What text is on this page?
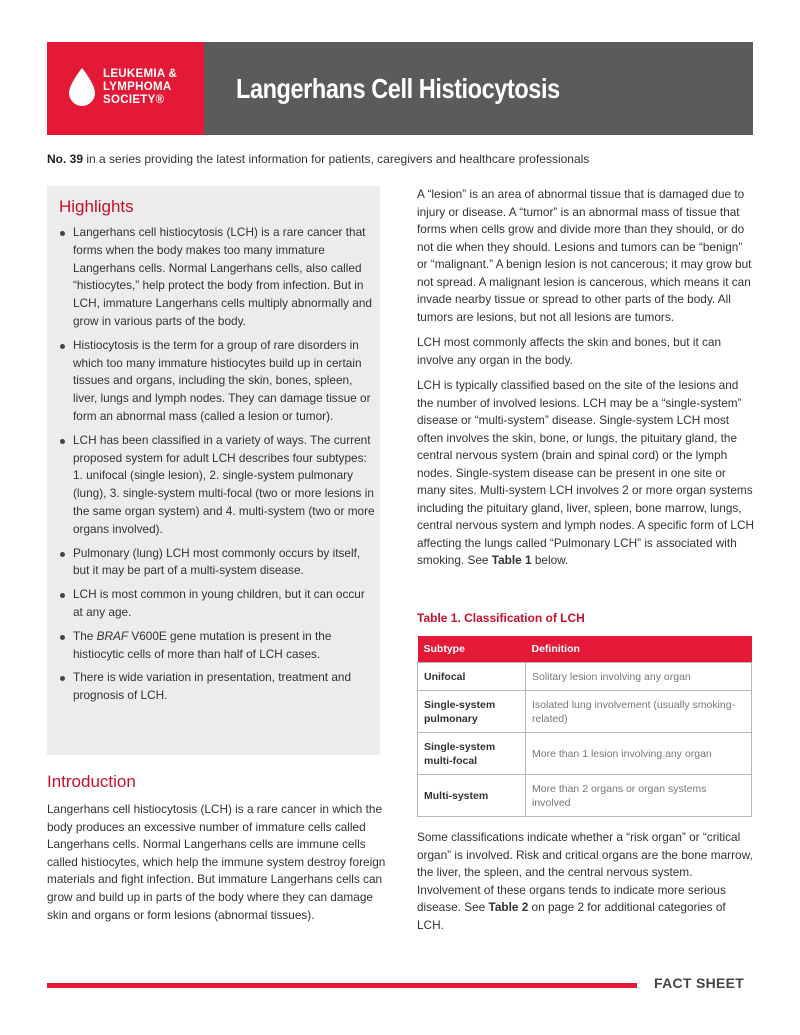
LEUKEMIA &
LYMPHOMA
SOCIETY®	Langerhans Cell Histiocytosis
No. 39 in a series providing the latest information for patients, caregivers and healthcare professionals
Highlights
Langerhans cell histiocytosis (LCH) is a rare cancer that forms when the body makes too many immature Langerhans cells. Normal Langerhans cells, also called “histiocytes,” help protect the body from infection. But in LCH, immature Langerhans cells multiply abnormally and grow in various parts of the body.
Histiocytosis is the term for a group of rare disorders in which too many immature histiocytes build up in certain tissues and organs, including the skin, bones, spleen, liver, lungs and lymph nodes. They can damage tissue or form an abnormal mass (called a lesion or tumor).
LCH has been classified in a variety of ways. The current proposed system for adult LCH describes four subtypes: 1. unifocal (single lesion), 2. single-system pulmonary (lung), 3. single-system multi-focal (two or more lesions in the same organ system) and 4. multi-system (two or more organs involved).
Pulmonary (lung) LCH most commonly occurs by itself, but it may be part of a multi-system disease.
LCH is most common in young children, but it can occur at any age.
The BRAF V600E gene mutation is present in the histiocytic cells of more than half of LCH cases.
There is wide variation in presentation, treatment and prognosis of LCH.
Introduction

Langerhans cell histiocytosis (LCH) is a rare cancer in which the body produces an excessive number of immature cells called Langerhans cells. Normal Langerhans cells are immune cells called histiocytes, which help the immune system destroy foreign materials and fight infection. But immature Langerhans cells can grow and build up in parts of the body where they can damage skin and organs or form lesions (abnormal tissues).

A “lesion” is an area of abnormal tissue that is damaged due to injury or disease. A “tumor” is an abnormal mass of tissue that forms when cells grow and divide more than they should, or do not die when they should. Lesions and tumors can be “benign” or “malignant.” A benign lesion is not cancerous; it may grow but not spread. A malignant lesion is cancerous, which means it can invade nearby tissue or spread to other parts of the body. All tumors are lesions, but not all lesions are tumors.

LCH most commonly affects the skin and bones, but it can involve any organ in the body.

LCH is typically classified based on the site of the lesions and the number of involved lesions. LCH may be a “single-system” disease or “multi-system” disease. Single-system LCH most often involves the skin, bone, or lungs, the pituitary gland, the central nervous system (brain and spinal cord) or the lymph nodes. Single-system disease can be present in one site or many sites. Multi-system LCH involves 2 or more organ systems including the pituitary gland, liver, spleen, bone marrow, lungs, central nervous system and lymph nodes. A specific form of LCH affecting the lungs called “Pulmonary LCH” is associated with smoking. See Table 1 below.

Table 1. Classification of LCH
Subtype	Definition
Unifocal	Solitary lesion involving any organ
Single-system pulmonary	Isolated lung involvement (usually smoking-related)
Single-system multi-focal	More than 1 lesion involving any organ
Multi-system	More than 2 organs or organ systems involved

Some classifications indicate whether a “risk organ” or “critical organ” is involved. Risk and critical organs are the bone marrow, the liver, the spleen, and the central nervous system. Involvement of these organs tends to indicate more serious disease. See Table 2 on page 2 for additional categories of LCH.

FACT SHEET
